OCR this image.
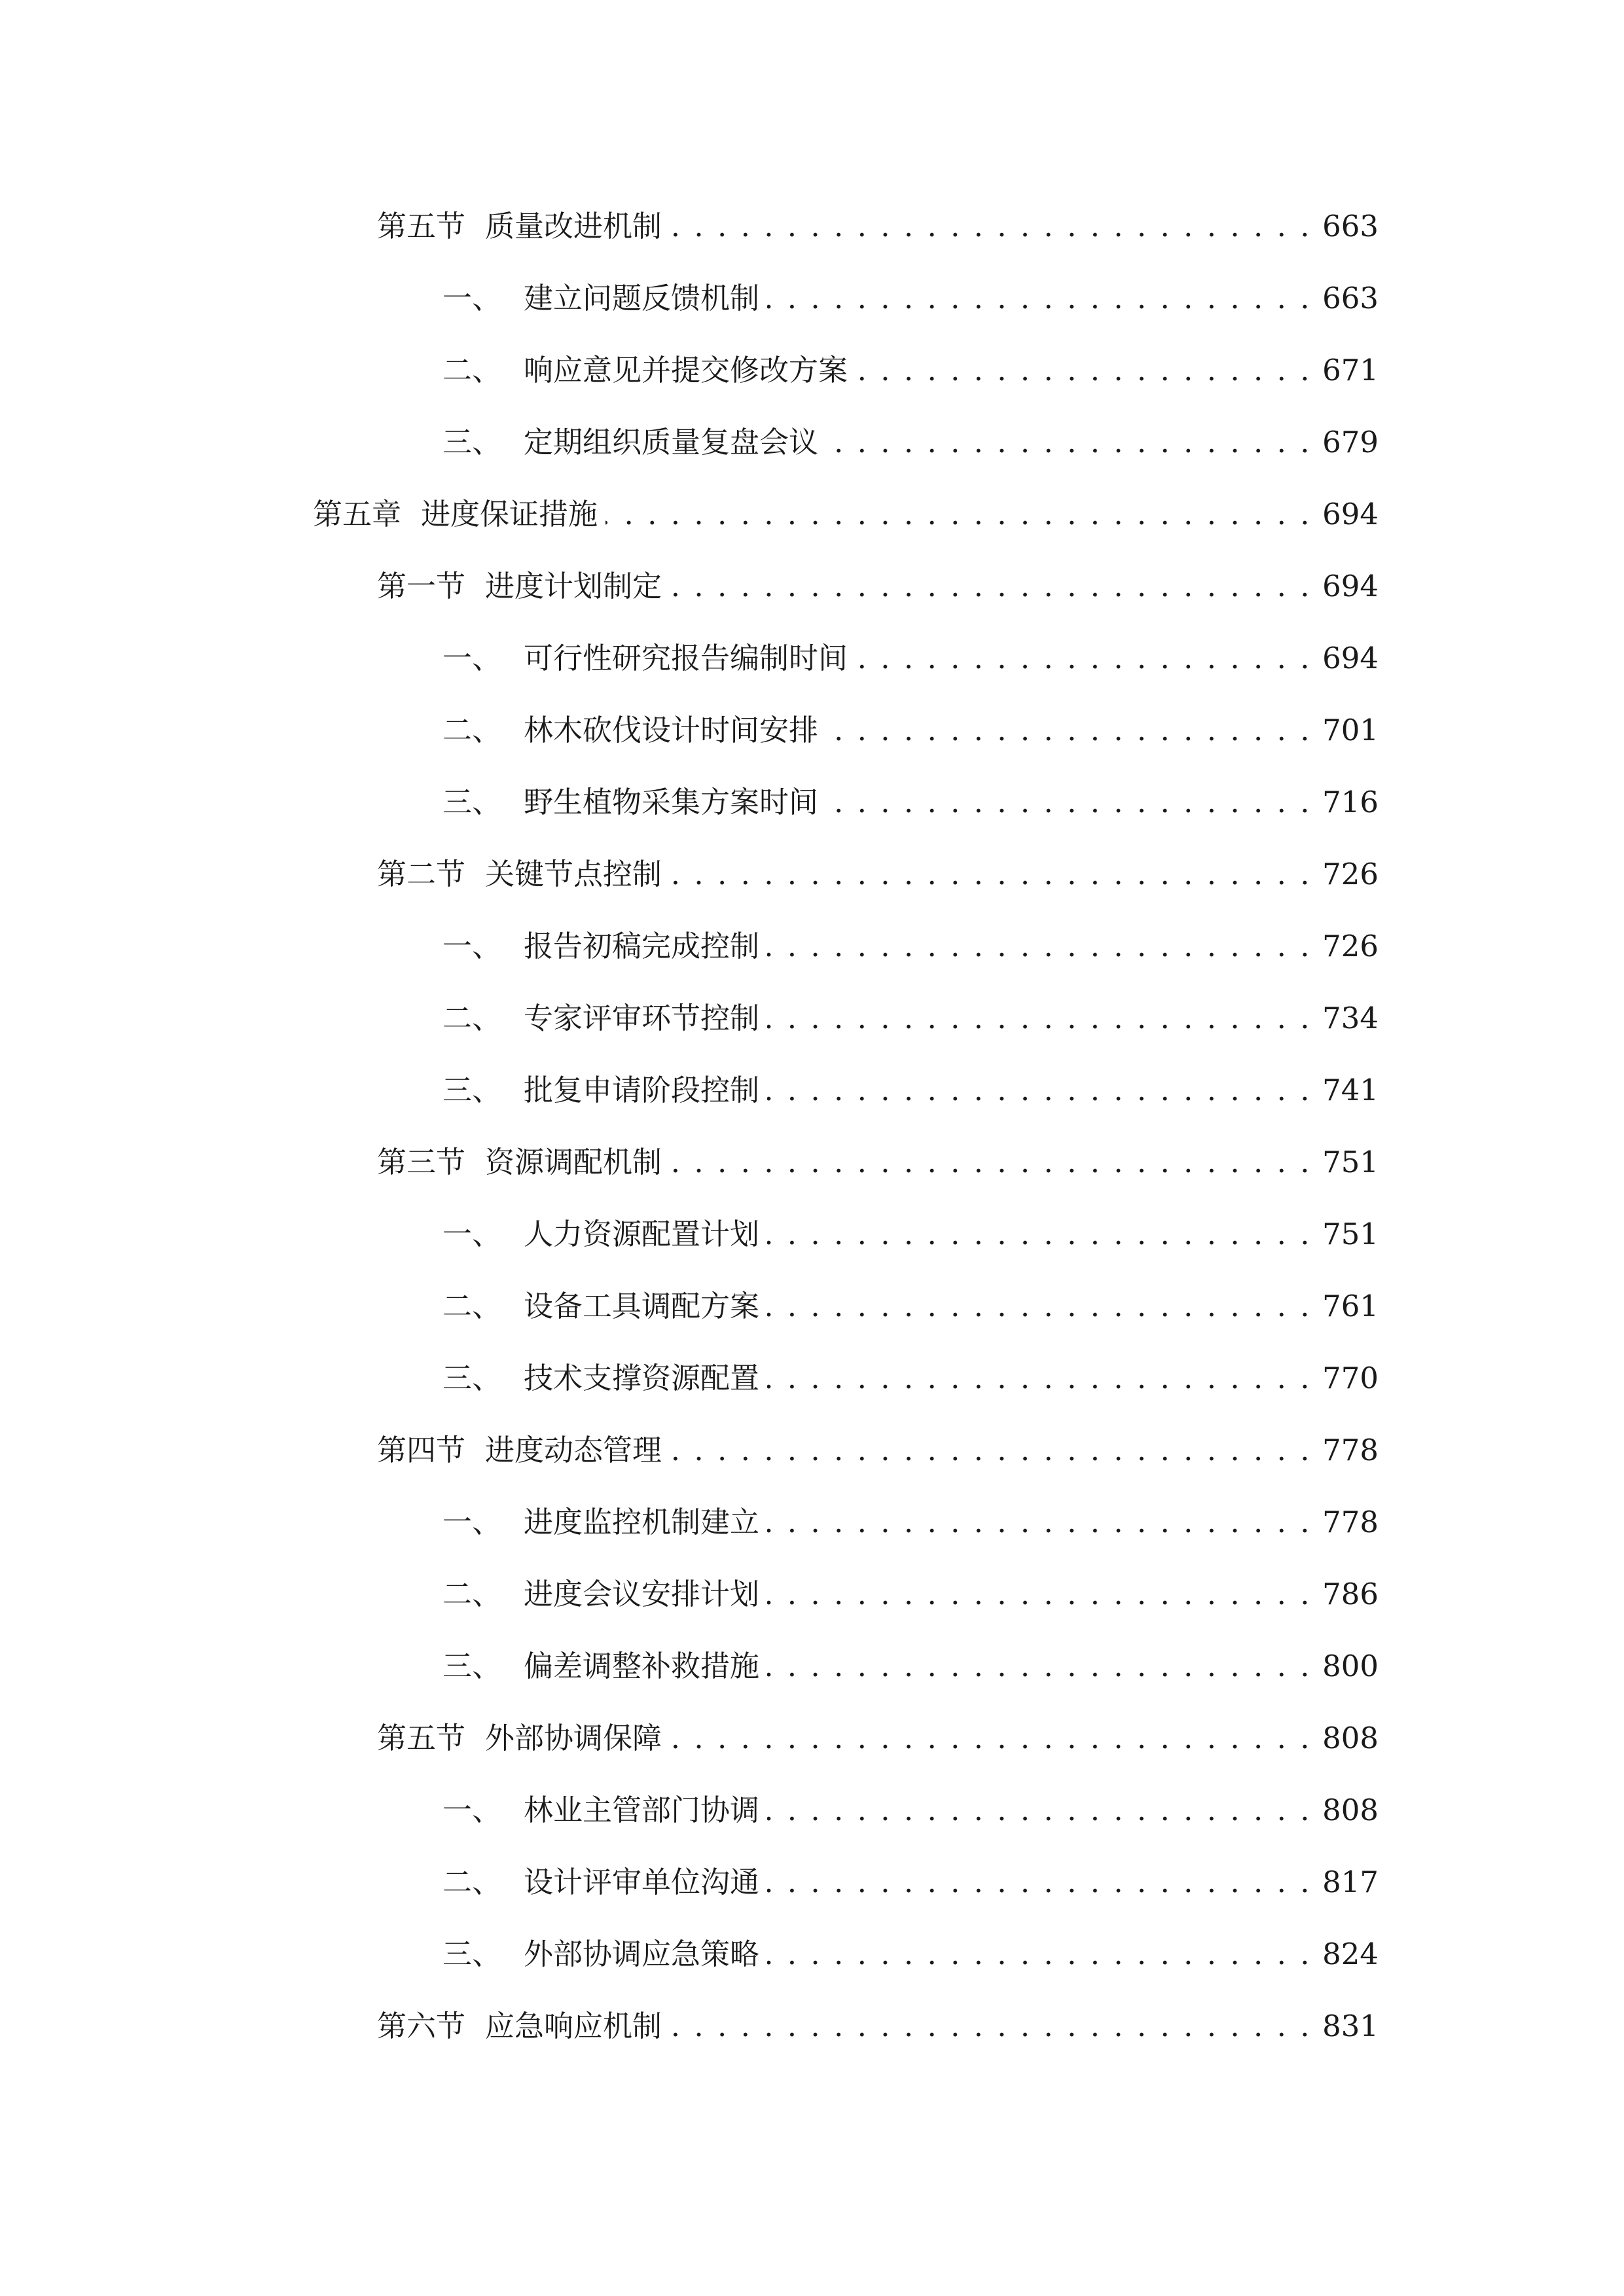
第五节 质量改进机制 . . .	663
一、 建立问题反馈机制 . . .	663
二、 响应意见并提交修改方案 . . .	671
三、 定期组织质量复盘会议 . . .	679
第五章 进度保证措施 . . .	694
第一节 进度计划制定 . . .	694
一、 可行性研究报告编制时间 . . .	694
二、 林木砍伐设计时间安排 . . .	701
三、 野生植物采集方案时间 . . .	716
第二节 关键节点控制 . . .	726
一、 报告初稿完成控制 . . .	726
二、 专家评审环节控制 . . .	734
三、 批复申请阶段控制 . . .	741
第三节 资源调配机制 . . .	751
一、 人力资源配置计划 . . .	751
二、 设备工具调配方案 . . .	761
三、 技术支撑资源配置 . . .	770
第四节 进度动态管理 . . .	778
一、 进度监控机制建立 . . .	778
二、 进度会议安排计划 . . .	786
三、 偏差调整补救措施 . . .	800
第五节 外部协调保障 . . .	808
一、 林业主管部门协调 . . .	808
二、 设计评审单位沟通 . . .	817
三、 外部协调应急策略 . . .	824
第六节 应急响应机制 . . .	831
